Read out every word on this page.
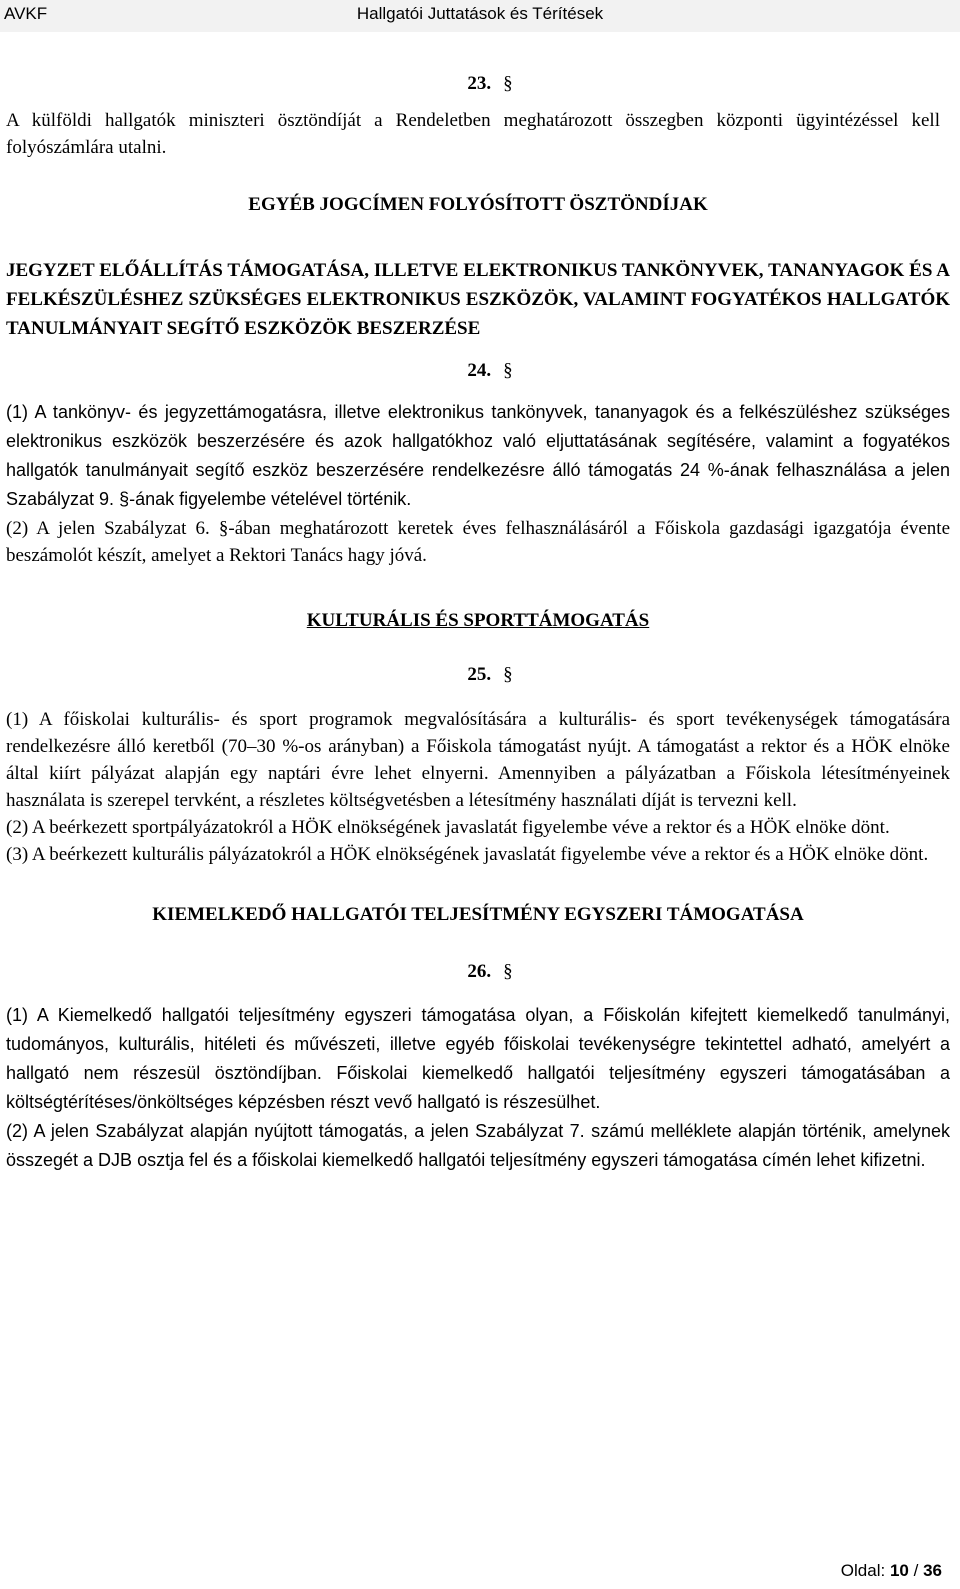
AVKF	Hallgatói Juttatások és Térítések
23. §

A külföldi hallgatók miniszteri ösztöndíját a Rendeletben meghatározott összegben központi ügyintézéssel kell folyószámlára utalni.

EGYÉB JOGCÍMEN FOLYÓSÍTOTT ÖSZTÖNDÍJAK

JEGYZET ELŐÁLLÍTÁS TÁMOGATÁSA, ILLETVE ELEKTRONIKUS TANKÖNYVEK, TANANYAGOK ÉS A FELKÉSZÜLÉSHEZ SZÜKSÉGES ELEKTRONIKUS ESZKÖZÖK, VALAMINT FOGYATÉKOS HALLGATÓK TANULMÁNYAIT SEGÍTŐ ESZKÖZÖK BESZERZÉSE

24. §

(1) A tankönyv- és jegyzettámogatásra, illetve elektronikus tankönyvek, tananyagok és a felkészüléshez szükséges elektronikus eszközök beszerzésére és azok hallgatókhoz való eljuttatásának segítésére, valamint a fogyatékos hallgatók tanulmányait segítő eszköz beszerzésére rendelkezésre álló támogatás 24 %-ának felhasználása a jelen Szabályzat 9. §-ának figyelembe vételével történik.

(2) A jelen Szabályzat 6. §-ában meghatározott keretek éves felhasználásáról a Főiskola gazdasági igazgatója évente beszámolót készít, amelyet a Rektori Tanács hagy jóvá.

KULTURÁLIS ÉS SPORTTÁMOGATÁS

25. §

(1) A főiskolai kulturális- és sport programok megvalósítására a kulturális- és sport tevékenységek támogatására rendelkezésre álló keretből (70–30 %-os arányban) a Főiskola támogatást nyújt. A támogatást a rektor és a HÖK elnöke által kiírt pályázat alapján egy naptári évre lehet elnyerni. Amennyiben a pályázatban a Főiskola létesítményeinek használata is szerepel tervként, a részletes költségvetésben a létesítmény használati díját is tervezni kell.

(2) A beérkezett sportpályázatokról a HÖK elnökségének javaslatát figyelembe véve a rektor és a HÖK elnöke dönt.

(3) A beérkezett kulturális pályázatokról a HÖK elnökségének javaslatát figyelembe véve a rektor és a HÖK elnöke dönt.

KIEMELKEDŐ HALLGATÓI TELJESÍTMÉNY EGYSZERI TÁMOGATÁSA

26. §

(1) A Kiemelkedő hallgatói teljesítmény egyszeri támogatása olyan, a Főiskolán kifejtett kiemelkedő tanulmányi, tudományos, kulturális, hitéleti és művészeti, illetve egyéb főiskolai tevékenységre tekintettel adható, amelyért a hallgató nem részesül ösztöndíjban. Főiskolai kiemelkedő hallgatói teljesítmény egyszeri támogatásában a költségtérítéses/önköltséges képzésben részt vevő hallgató is részesülhet.

(2) A jelen Szabályzat alapján nyújtott támogatás, a jelen Szabályzat 7. számú melléklete alapján történik, amelynek összegét a DJB osztja fel és a főiskolai kiemelkedő hallgatói teljesítmény egyszeri támogatása címén lehet kifizetni.

Oldal: 10 / 36
